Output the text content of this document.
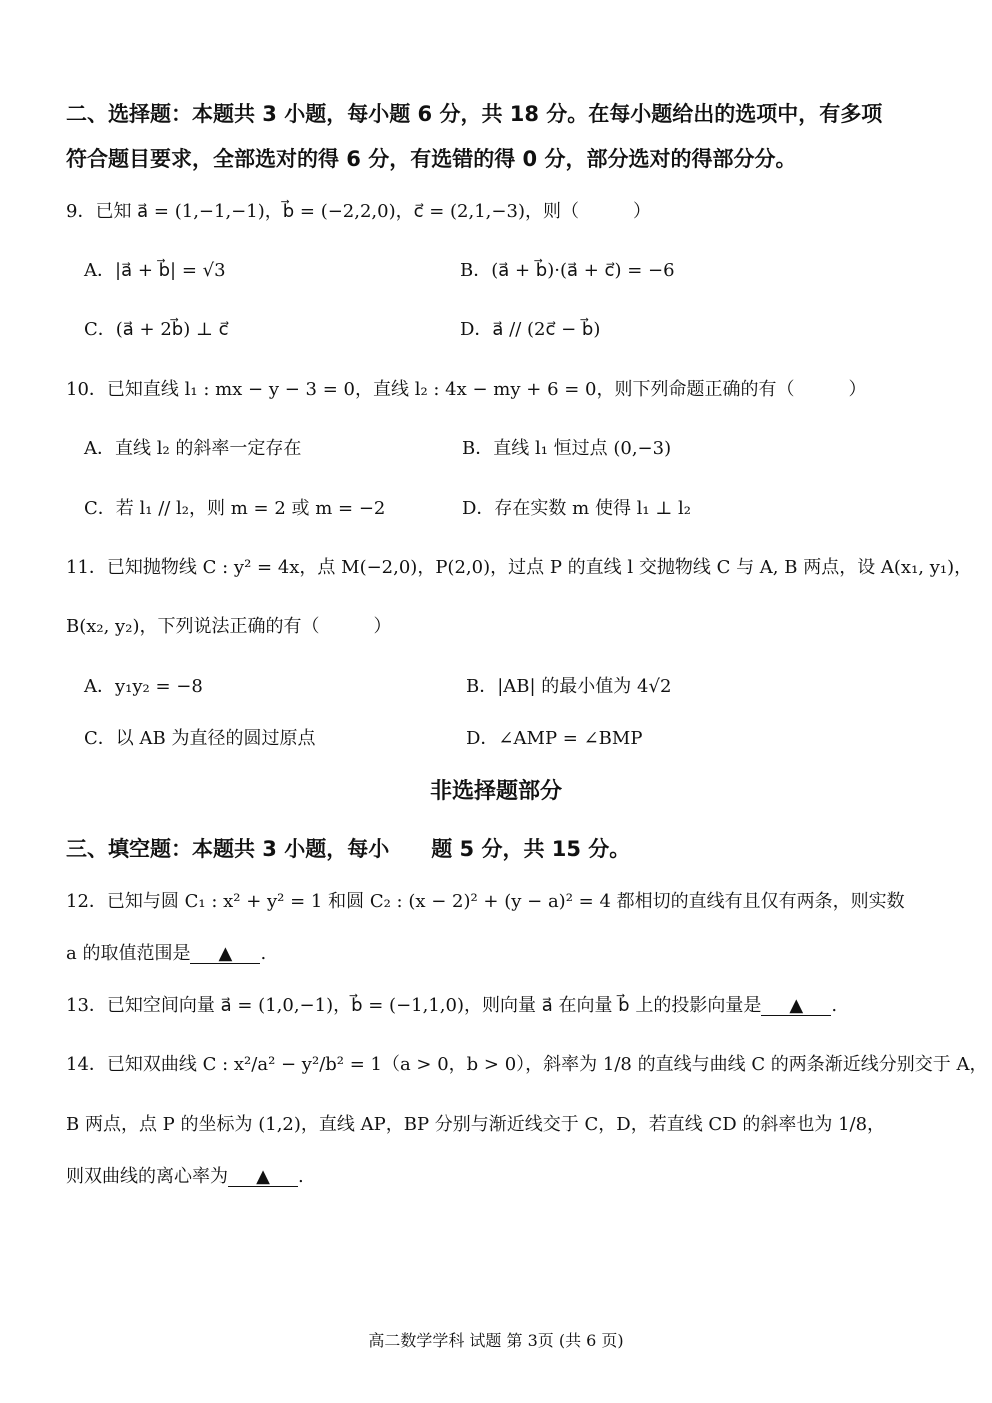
二、选择题：本题共 3 小题，每小题 6 分，共 18 分。在每小题给出的选项中，有多项
符合题目要求，全部选对的得 6 分，有选错的得 0 分，部分选对的得部分分。
9．已知 a⃗ = (1,−1,−1)，b⃗ = (−2,2,0)，c⃗ = (2,1,−3)，则（　　　）
A．|a⃗ + b⃗| = √3	B．(a⃗ + b⃗)·(a⃗ + c⃗) = −6
C．(a⃗ + 2b⃗) ⊥ c⃗	D．a⃗ // (2c⃗ − b⃗)
10．已知直线 l₁ : mx − y − 3 = 0，直线 l₂ : 4x − my + 6 = 0，则下列命题正确的有（　　　）
A．直线 l₂ 的斜率一定存在	B．直线 l₁ 恒过点 (0,−3)
C．若 l₁ // l₂，则 m = 2 或 m = −2	D．存在实数 m 使得 l₁ ⊥ l₂
11．已知抛物线 C : y² = 4x，点 M(−2,0)，P(2,0)，过点 P 的直线 l 交抛物线 C 与 A, B 两点，设 A(x₁, y₁)，
B(x₂, y₂)，下列说法正确的有（　　　）
A．y₁y₂ = −8	B．|AB| 的最小值为 4√2
C．以 AB 为直径的圆过原点	D．∠AMP = ∠BMP
非选择题部分
三、填空题：本题共 3 小题，每小　　题 5 分，共 15 分。
12．已知与圆 C₁ : x² + y² = 1 和圆 C₂ : (x − 2)² + (y − a)² = 4 都相切的直线有且仅有两条，则实数
a 的取值范围是 ▲ .
13．已知空间向量 a⃗ = (1,0,−1)，b⃗ = (−1,1,0)，则向量 a⃗ 在向量 b⃗ 上的投影向量是 ▲ .
14．已知双曲线 C : x²/a² − y²/b² = 1（a > 0，b > 0），斜率为 1/8 的直线与曲线 C 的两条渐近线分别交于 A，
B 两点，点 P 的坐标为 (1,2)，直线 AP，BP 分别与渐近线交于 C，D，若直线 CD 的斜率也为 1/8，
则双曲线的离心率为 ▲ .
高二数学学科 试题 第 3页 (共 6 页)
